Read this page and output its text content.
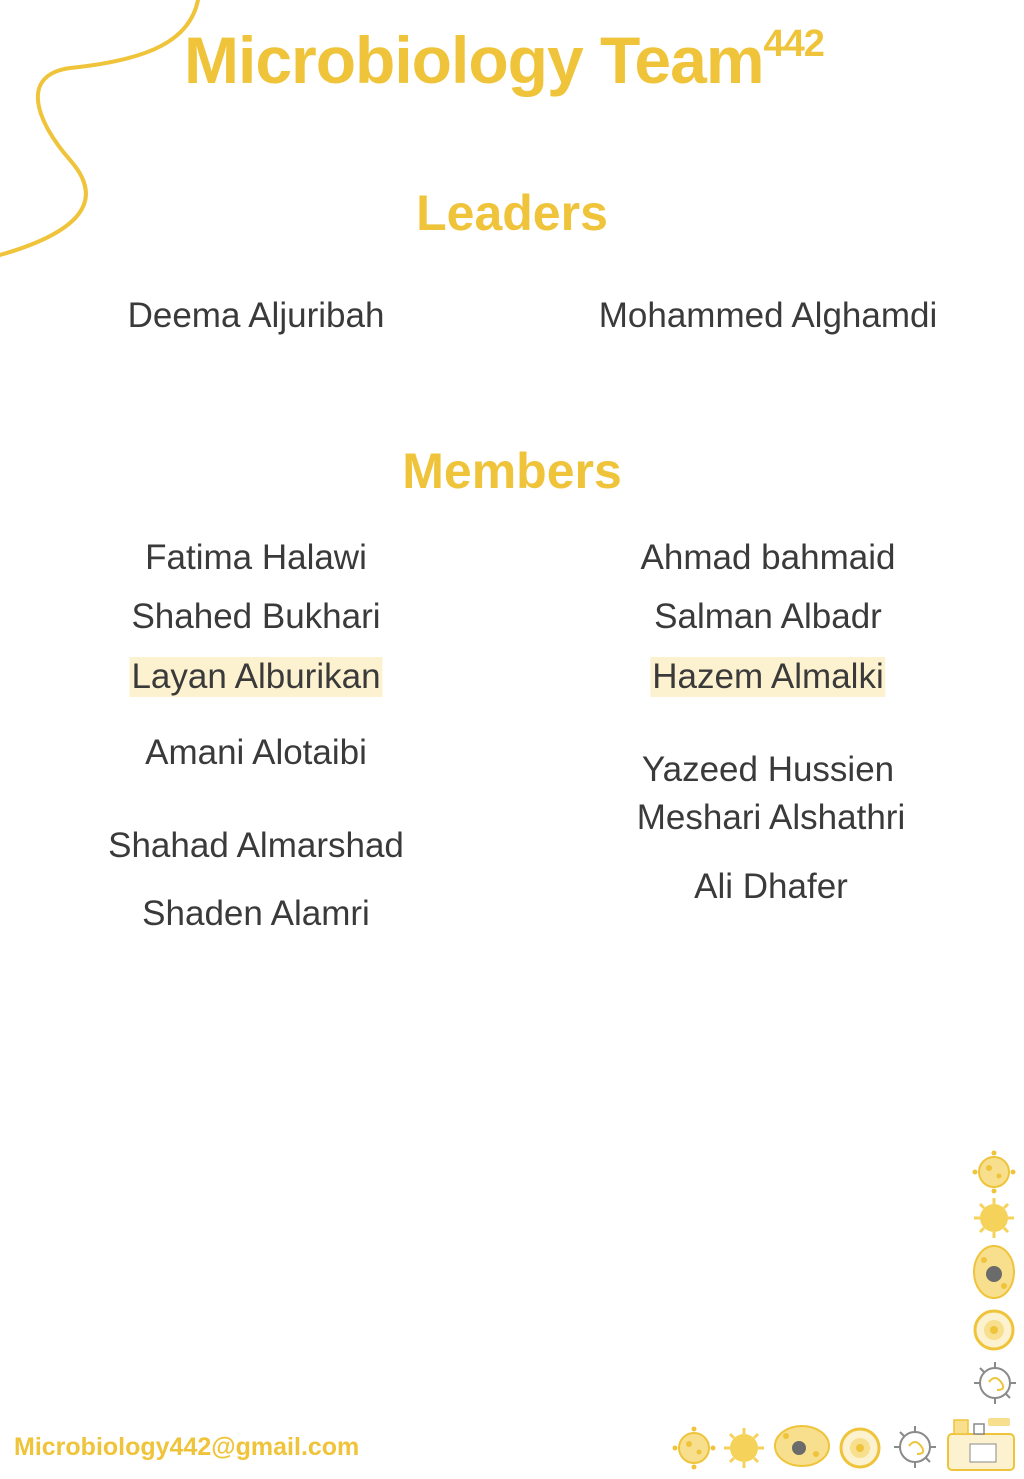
Microbiology Team$^{442}$
Leaders
Deema Aljuribah	Mohammed Alghamdi
Members
Fatima Halawi
Shahed Bukhari
Layan Alburikan
Amani Alotaibi
Shahad Almarshad
Shaden Alamri
Ahmad bahmaid
Salman Albadr
Hazem Almalki
Yazeed Hussien
Meshari Alshathri
Ali Dhafer
Microbiology442@gmail.com
